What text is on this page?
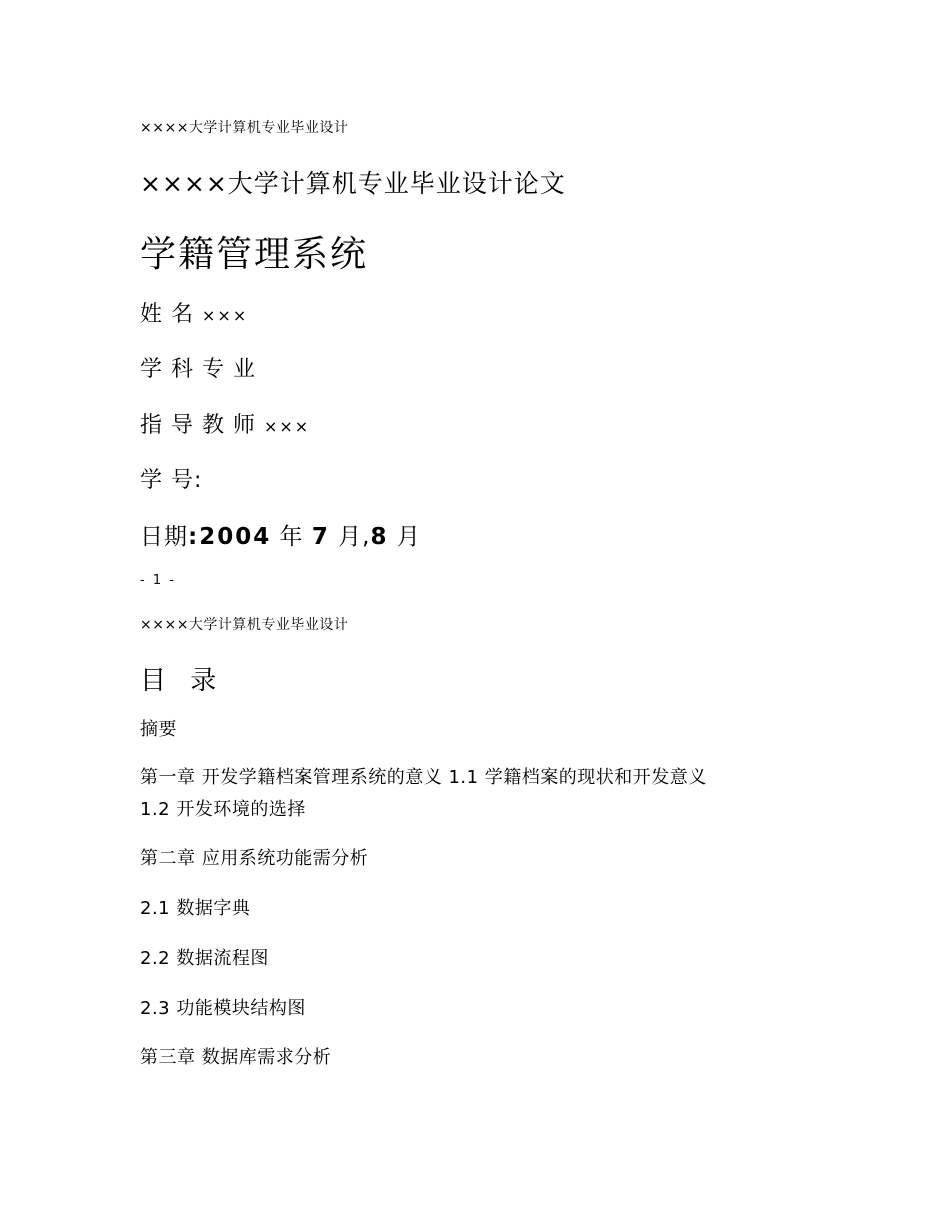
××××大学计算机专业毕业设计
××××大学计算机专业毕业设计论文
学籍管理系统
姓 名 ×××
学 科 专 业
指 导 教 师 ×××
学 号:
日期:2004 年 7 月,8 月
- 1 -
××××大学计算机专业毕业设计
目 录
摘要
第一章 开发学籍档案管理系统的意义 1.1 学籍档案的现状和开发意义
1.2 开发环境的选择
第二章 应用系统功能需分析
2.1 数据字典
2.2 数据流程图
2.3 功能模块结构图
第三章 数据库需求分析
